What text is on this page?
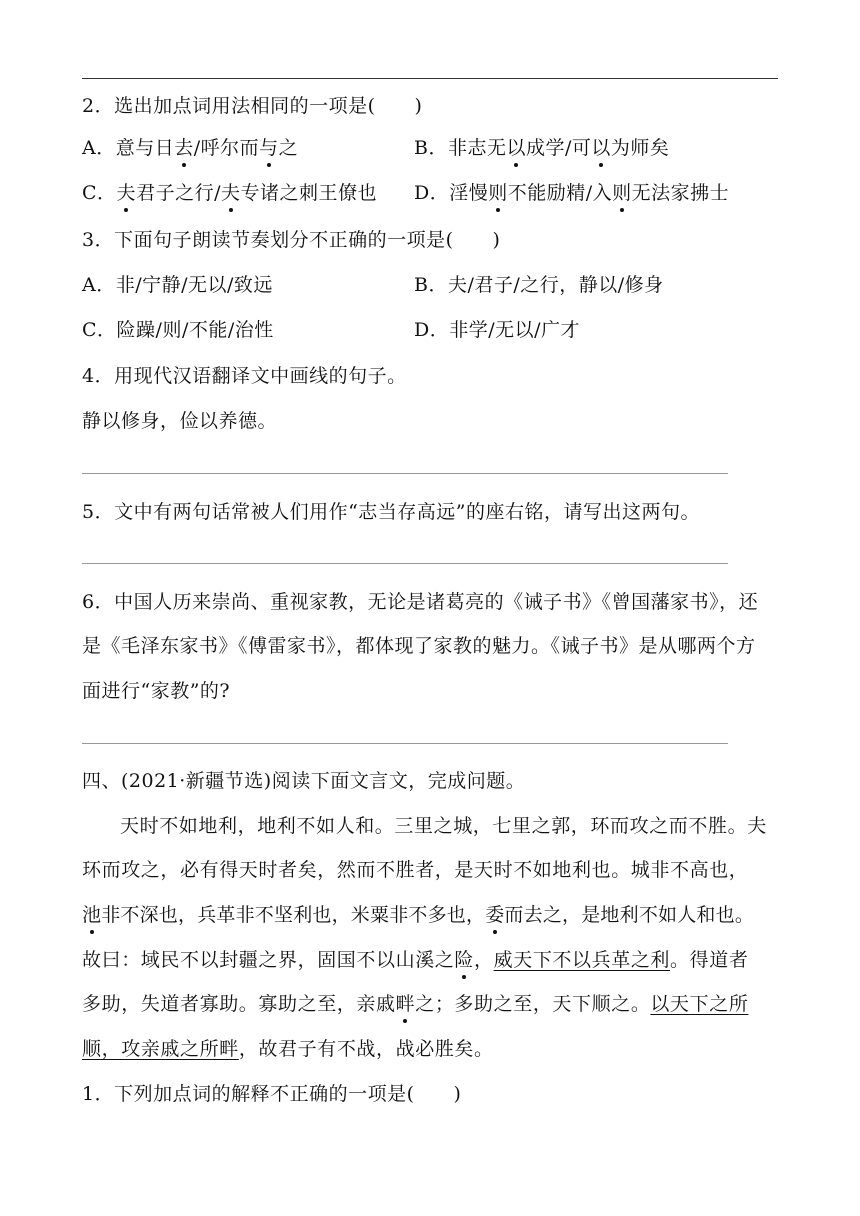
2．选出加点词用法相同的一项是(　　)
A．意与日去/呼尔而与之	B．非志无以成学/可以为师矣
C．夫君子之行/夫专诸之刺王僚也 D．淫慢则不能励精/入则无法家拂士
3．下面句子朗读节奏划分不正确的一项是(　　)
A．非/宁静/无以/致远	B．夫/君子/之行，静以/修身
C．险躁/则/不能/治性	D．非学/无以/广才
4．用现代汉语翻译文中画线的句子。
静以修身，俭以养德。
5．文中有两句话常被人们用作“志当存高远”的座右铭，请写出这两句。
6．中国人历来崇尚、重视家教，无论是诸葛亮的《诫子书》《曾国藩家书》，还
是《毛泽东家书》《傅雷家书》，都体现了家教的魅力。《诫子书》是从哪两个方
面进行“家教”的?
四、(2021·新疆节选)阅读下面文言文，完成问题。
天时不如地利，地利不如人和。三里之城，七里之郭，环而攻之而不胜。夫
环而攻之，必有得天时者矣，然而不胜者，是天时不如地利也。城非不高也，
池非不深也，兵革非不坚利也，米粟非不多也，委而去之，是地利不如人和也。
故曰：域民不以封疆之界，固国不以山溪之险，威天下不以兵革之利。得道者
多助，失道者寡助。寡助之至，亲戚畔之；多助之至，天下顺之。以天下之所
顺，攻亲戚之所畔，故君子有不战，战必胜矣。
1．下列加点词的解释不正确的一项是(　　)
